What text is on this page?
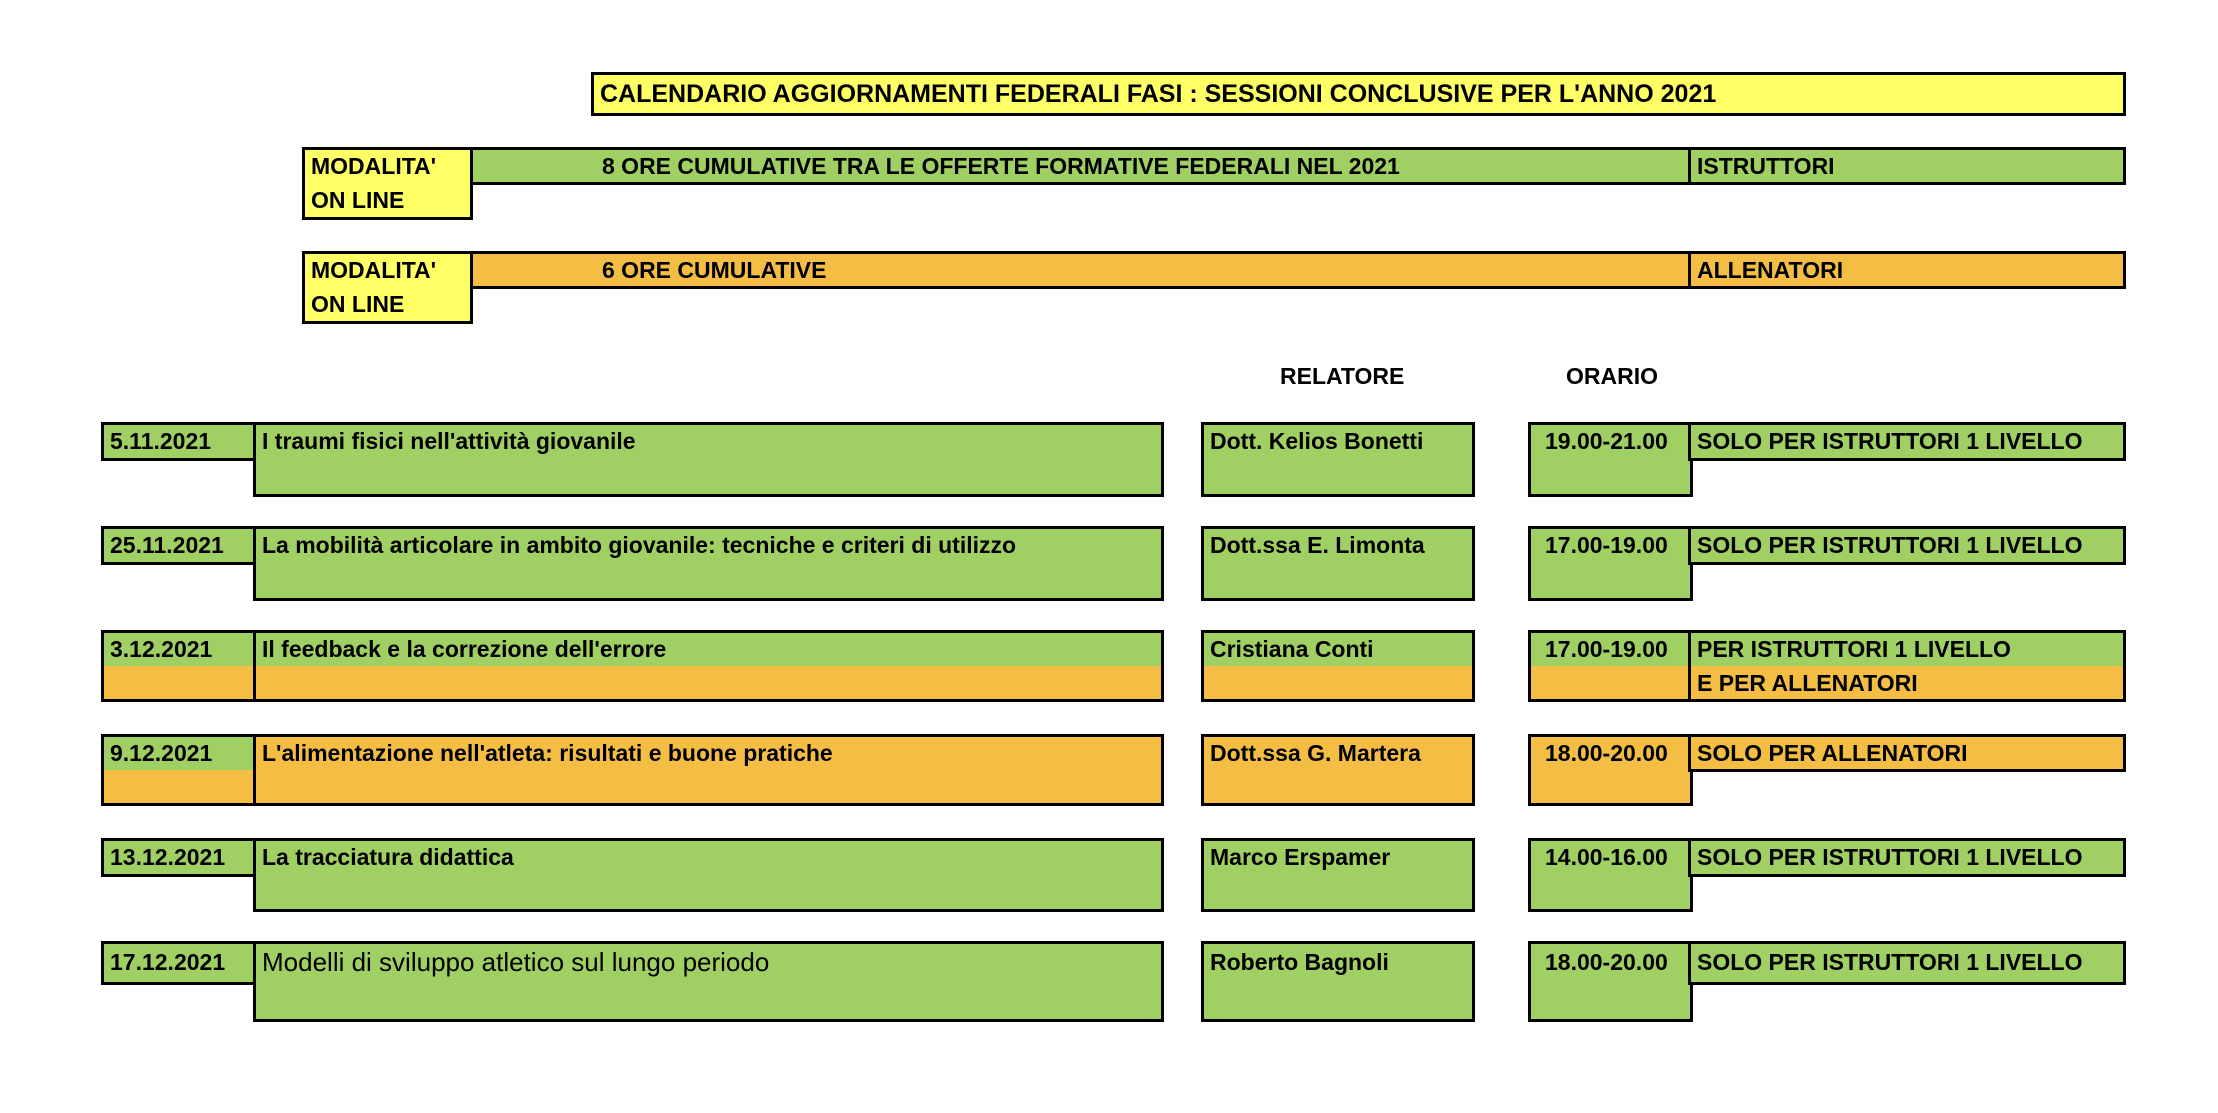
CALENDARIO AGGIORNAMENTI FEDERALI FASI : SESSIONI CONCLUSIVE PER L'ANNO 2021
MODALITA'
ON LINE
8 ORE CUMULATIVE TRA LE OFFERTE FORMATIVE FEDERALI NEL 2021	ISTRUTTORI
MODALITA'
ON LINE
6 ORE CUMULATIVE	ALLENATORI
RELATORE	ORARIO
5.11.2021 I traumi fisici nell'attività giovanile	Dott. Kelios Bonetti	19.00-21.00 SOLO PER ISTRUTTORI 1 LIVELLO
25.11.2021 La mobilità articolare in ambito giovanile: tecniche e criteri di utilizzo	Dott.ssa E. Limonta	17.00-19.00 SOLO PER ISTRUTTORI 1 LIVELLO
3.12.2021 Il feedback e la correzione dell'errore	Cristiana Conti	17.00-19.00 PER ISTRUTTORI 1 LIVELLO
E PER ALLENATORI
9.12.2021 L'alimentazione nell'atleta: risultati e buone pratiche	Dott.ssa G. Martera	18.00-20.00 SOLO PER ALLENATORI
13.12.2021 La tracciatura didattica	Marco Erspamer	14.00-16.00 SOLO PER ISTRUTTORI 1 LIVELLO
17.12.2021 Modelli di sviluppo atletico sul lungo periodo	Roberto Bagnoli	18.00-20.00 SOLO PER ISTRUTTORI 1 LIVELLO
